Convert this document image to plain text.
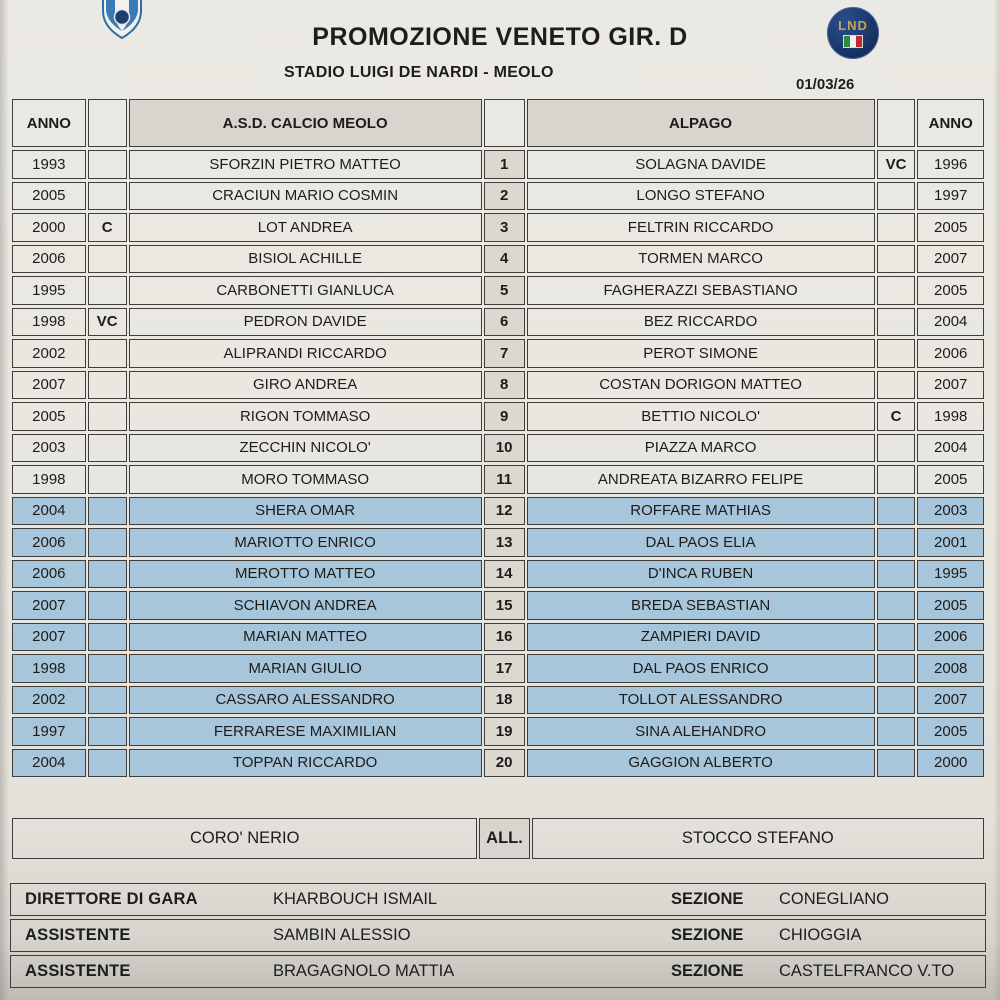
LND
PROMOZIONE VENETO GIR. D
STADIO LUIGI DE NARDI - MEOLO
01/03/26
ANNO		A.S.D. CALCIO MEOLO		ALPAGO		ANNO
1993		SFORZIN PIETRO MATTEO	1	SOLAGNA DAVIDE	VC	1996
2005		CRACIUN MARIO COSMIN	2	LONGO STEFANO		1997
2000	C	LOT ANDREA	3	FELTRIN RICCARDO		2005
2006		BISIOL ACHILLE	4	TORMEN MARCO		2007
1995		CARBONETTI GIANLUCA	5	FAGHERAZZI SEBASTIANO		2005
1998	VC	PEDRON DAVIDE	6	BEZ RICCARDO		2004
2002		ALIPRANDI RICCARDO	7	PEROT SIMONE		2006
2007		GIRO ANDREA	8	COSTAN DORIGON MATTEO		2007
2005		RIGON TOMMASO	9	BETTIO NICOLO'	C	1998
2003		ZECCHIN NICOLO'	10	PIAZZA MARCO		2004
1998		MORO TOMMASO	11	ANDREATA BIZARRO FELIPE		2005
2004		SHERA OMAR	12	ROFFARE MATHIAS		2003
2006		MARIOTTO ENRICO	13	DAL PAOS ELIA		2001
2006		MEROTTO MATTEO	14	D'INCA RUBEN		1995
2007		SCHIAVON ANDREA	15	BREDA SEBASTIAN		2005
2007		MARIAN MATTEO	16	ZAMPIERI DAVID		2006
1998		MARIAN GIULIO	17	DAL PAOS ENRICO		2008
2002		CASSARO ALESSANDRO	18	TOLLOT ALESSANDRO		2007
1997		FERRARESE MAXIMILIAN	19	SINA ALEHANDRO		2005
2004		TOPPAN RICCARDO	20	GAGGION ALBERTO		2000
CORO' NERIO	ALL.	STOCCO STEFANO
DIRETTORE DI GARA	KHARBOUCH ISMAIL	SEZIONE	CONEGLIANO
ASSISTENTE	SAMBIN ALESSIO	SEZIONE	CHIOGGIA
ASSISTENTE	BRAGAGNOLO MATTIA	SEZIONE	CASTELFRANCO V.TO
